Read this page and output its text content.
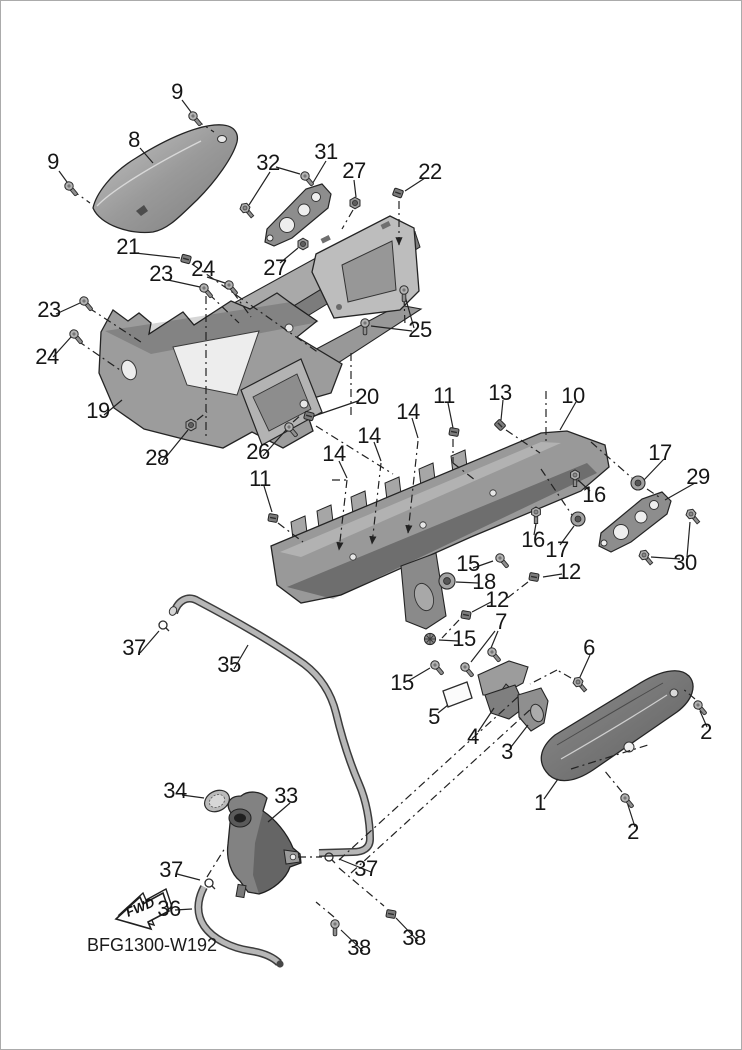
FWD
9
8
9	32 31
27 22
21
23 24 27
23
24
25
19
20
28	26
11
14
14
14
11 13 10
17
29
16
16 17
30
15	12
18
12
7
15	6
37
35
15
5
4
3
2
1
2
34	33
37	37
36
38 38
BFG1300-W192
